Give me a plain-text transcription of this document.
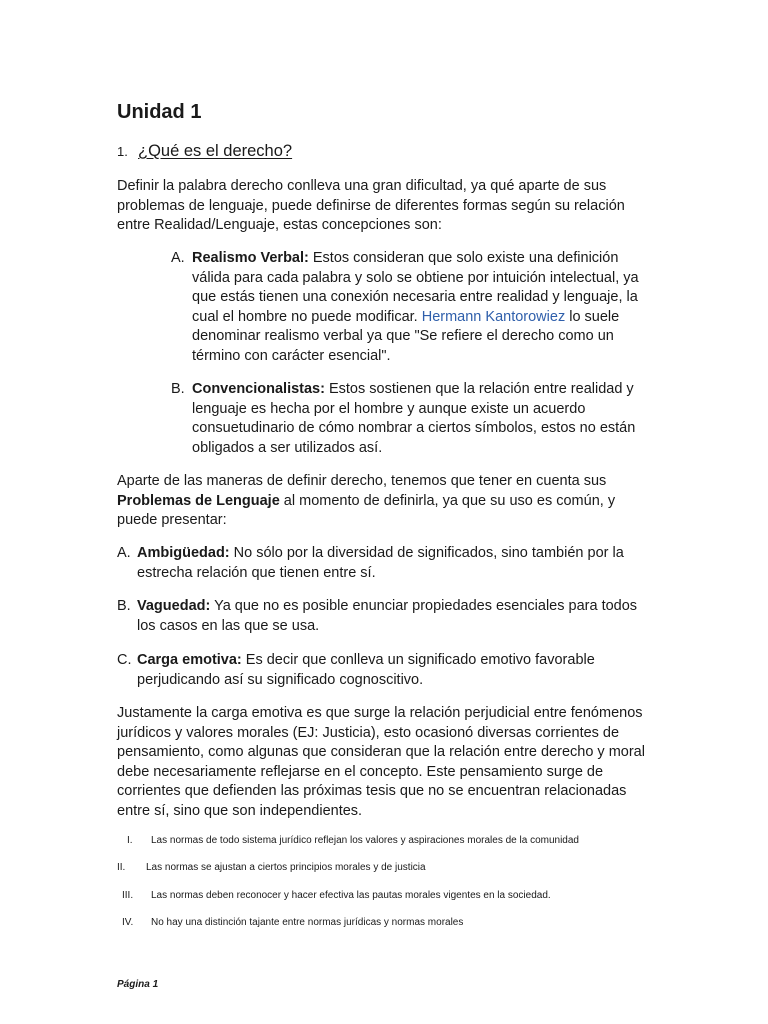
Unidad 1
1. ¿Qué es el derecho?

Definir la palabra derecho conlleva una gran dificultad, ya qué aparte de sus problemas de lenguaje, puede definirse de diferentes formas según su relación entre Realidad/Lenguaje, estas concepciones son:

A. Realismo Verbal: Estos consideran que solo existe una definición válida para cada palabra y solo se obtiene por intuición intelectual, ya que estás tienen una conexión necesaria entre realidad y lenguaje, la cual el hombre no puede modificar. Hermann Kantorowiez lo suele denominar realismo verbal ya que "Se refiere el derecho como un término con carácter esencial".
B. Convencionalistas: Estos sostienen que la relación entre realidad y lenguaje es hecha por el hombre y aunque existe un acuerdo consuetudinario de cómo nombrar a ciertos símbolos, estos no están obligados a ser utilizados así.

Aparte de las maneras de definir derecho, tenemos que tener en cuenta sus Problemas de Lenguaje al momento de definirla, ya que su uso es común, y puede presentar:

A. Ambigüedad: No sólo por la diversidad de significados, sino también por la estrecha relación que tienen entre sí.
B. Vaguedad: Ya que no es posible enunciar propiedades esenciales para todos los casos en las que se usa.
C. Carga emotiva: Es decir que conlleva un significado emotivo favorable perjudicando así su significado cognoscitivo.

Justamente la carga emotiva es que surge la relación perjudicial entre fenómenos jurídicos y valores morales (EJ: Justicia), esto ocasionó diversas corrientes de pensamiento, como algunas que consideran que la relación entre derecho y moral debe necesariamente reflejarse en el concepto. Este pensamiento surge de corrientes que defienden las próximas tesis que no se encuentran relacionadas entre sí, sino que son independientes.

I. Las normas de todo sistema jurídico reflejan los valores y aspiraciones morales de la comunidad
II. Las normas se ajustan a ciertos principios morales y de justicia
III. Las normas deben reconocer y hacer efectiva las pautas morales vigentes en la sociedad.
IV. No hay una distinción tajante entre normas jurídicas y normas morales
Página 1
